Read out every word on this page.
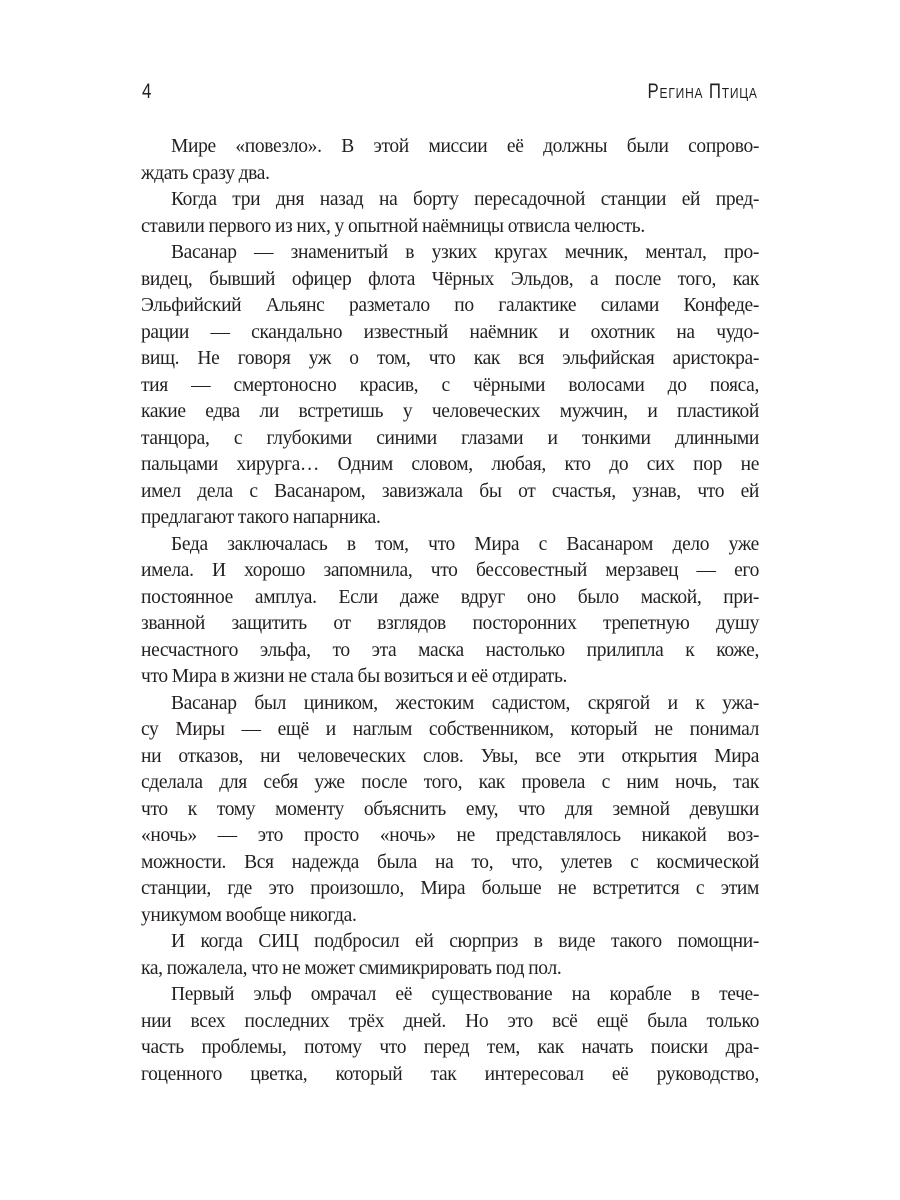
4	Регина Птица
Мире «повезло». В этой миссии её должны были сопрово-
ждать сразу два.
Когда три дня назад на борту пересадочной станции ей пред-
ставили первого из них, у опытной наёмницы отвисла челюсть.
Васанар — знаменитый в узких кругах мечник, ментал, про-
видец, бывший офицер флота Чёрных Эльдов, а после того, как
Эльфийский Альянс разметало по галактике силами Конфеде-
рации — скандально известный наёмник и охотник на чудо-
вищ. Не говоря уж о том, что как вся эльфийская аристокра-
тия — смертоносно красив, с чёрными волосами до пояса,
какие едва ли встретишь у человеческих мужчин, и пластикой
танцора, с глубокими синими глазами и тонкими длинными
пальцами хирурга… Одним словом, любая, кто до сих пор не
имел дела с Васанаром, завизжала бы от счастья, узнав, что ей
предлагают такого напарника.
Беда заключалась в том, что Мира с Васанаром дело уже
имела. И хорошо запомнила, что бессовестный мерзавец — его
постоянное амплуа. Если даже вдруг оно было маской, при-
званной защитить от взглядов посторонних трепетную душу
несчастного эльфа, то эта маска настолько прилипла к коже,
что Мира в жизни не стала бы возиться и её отдирать.
Васанар был циником, жестоким садистом, скрягой и к ужа-
су Миры — ещё и наглым собственником, который не понимал
ни отказов, ни человеческих слов. Увы, все эти открытия Мира
сделала для себя уже после того, как провела с ним ночь, так
что к тому моменту объяснить ему, что для земной девушки
«ночь» — это просто «ночь» не представлялось никакой воз-
можности. Вся надежда была на то, что, улетев с космической
станции, где это произошло, Мира больше не встретится с этим
уникумом вообще никогда.
И когда СИЦ подбросил ей сюрприз в виде такого помощни-
ка, пожалела, что не может смимикрировать под пол.
Первый эльф омрачал её существование на корабле в тече-
нии всех последних трёх дней. Но это всё ещё была только
часть проблемы, потому что перед тем, как начать поиски дра-
гоценного цветка, который так интересовал её руководство,
